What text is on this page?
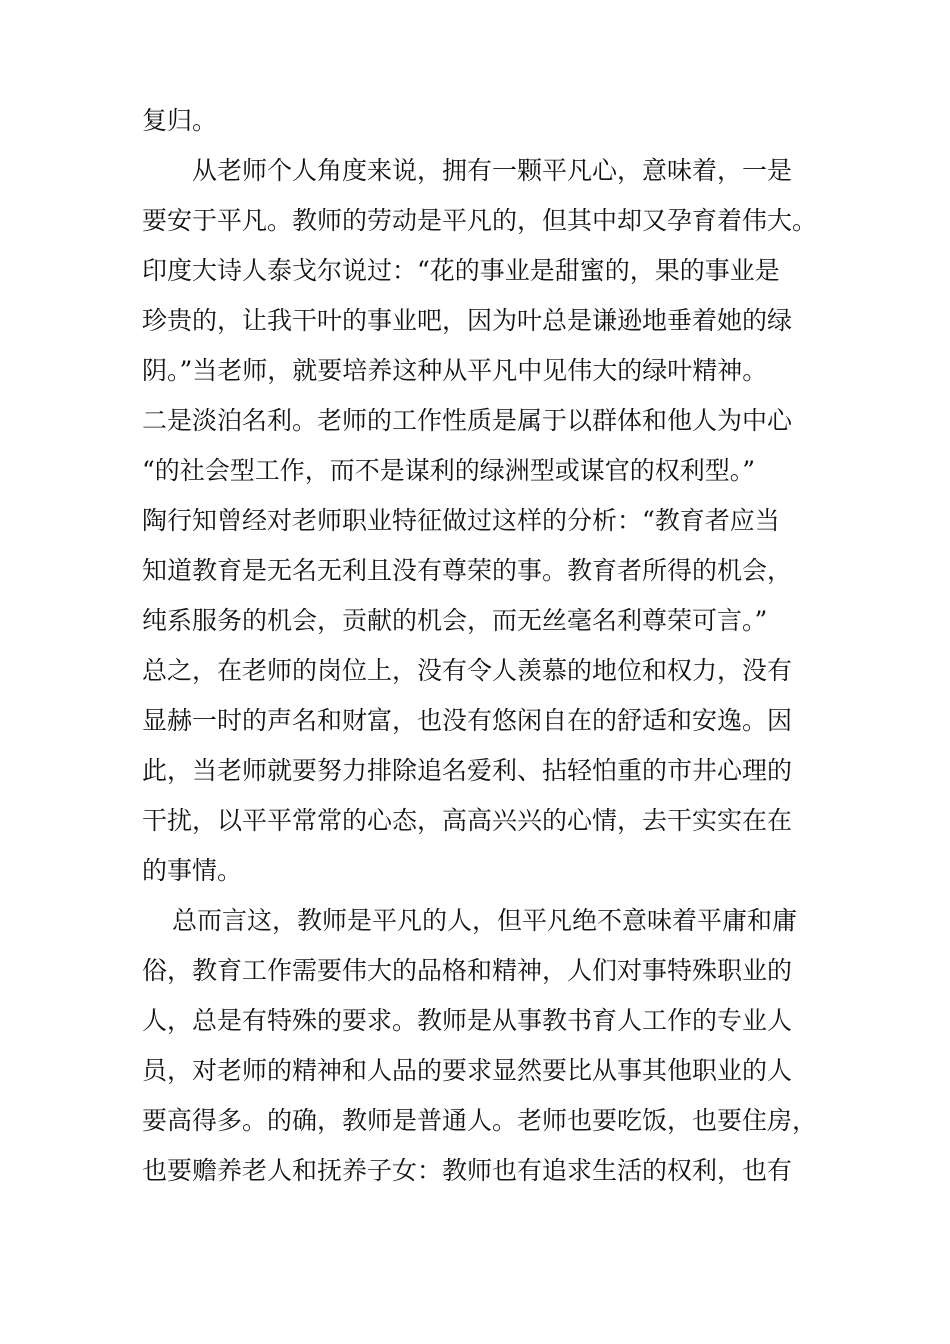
复归。
从老师个人角度来说，拥有一颗平凡心，意味着，一是
要安于平凡。教师的劳动是平凡的，但其中却又孕育着伟大。
印度大诗人泰戈尔说过：“花的事业是甜蜜的，果的事业是
珍贵的，让我干叶的事业吧，因为叶总是谦逊地垂着她的绿
阴。”当老师，就要培养这种从平凡中见伟大的绿叶精神。
二是淡泊名利。老师的工作性质是属于以群体和他人为中心
“的社会型工作，而不是谋利的绿洲型或谋官的权利型。”
陶行知曾经对老师职业特征做过这样的分析：“教育者应当
知道教育是无名无利且没有尊荣的事。教育者所得的机会，
纯系服务的机会，贡献的机会，而无丝毫名利尊荣可言。”
总之，在老师的岗位上，没有令人羡慕的地位和权力，没有
显赫一时的声名和财富，也没有悠闲自在的舒适和安逸。因
此，当老师就要努力排除追名爱利、拈轻怕重的市井心理的
干扰，以平平常常的心态，高高兴兴的心情，去干实实在在
的事情。
总而言这，教师是平凡的人，但平凡绝不意味着平庸和庸
俗，教育工作需要伟大的品格和精神，人们对事特殊职业的
人，总是有特殊的要求。教师是从事教书育人工作的专业人
员，对老师的精神和人品的要求显然要比从事其他职业的人
要高得多。的确，教师是普通人。老师也要吃饭，也要住房，
也要赡养老人和抚养子女：教师也有追求生活的权利，也有
